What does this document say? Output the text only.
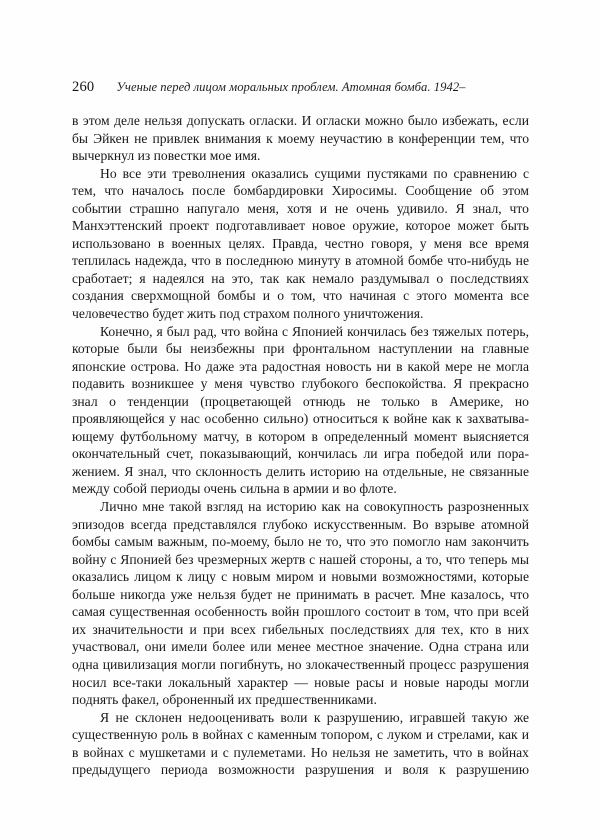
260 Ученые перед лицом моральных проблем. Атомная бомба. 1942–

в этом деле нельзя допускать огласки. И огласки можно было избежать, если бы Эйкен не привлек внимания к моему неучастию в конференции тем, что вычеркнул из повестки мое имя.

Но все эти треволнения оказались сущими пустяками по сравнению с тем, что началось после бомбардировки Хиросимы. Сообщение об этом событии страшно напугало меня, хотя и не очень удивило. Я знал, что Манхэттенский проект подготавливает новое оружие, которое может быть использовано в военных целях. Правда, честно говоря, у меня все время теплилась надежда, что в последнюю минуту в атомной бомбе что-нибудь не сработает; я надеялся на это, так как немало раздумывал о последствиях создания сверхмощной бомбы и о том, что начиная с этого момента все человечество будет жить под страхом полного уничтожения.

Конечно, я был рад, что война с Японией кончилась без тяжелых потерь, которые были бы неизбежны при фронтальном наступлении на главные японские острова. Но даже эта радостная новость ни в какой мере не могла подавить возникшее у меня чувство глубокого беспокойства. Я прекрасно знал о тенденции (процветающей отнюдь не только в Америке, но проявляющейся у нас особенно сильно) относиться к войне как к захватывающему футбольному матчу, в котором в определенный момент выясняется окончательный счет, показывающий, кончилась ли игра победой или поражением. Я знал, что склонность делить историю на отдельные, не связанные между собой периоды очень сильна в армии и во флоте.

Лично мне такой взгляд на историю как на совокупность разрозненных эпизодов всегда представлялся глубоко искусственным. Во взрыве атомной бомбы самым важным, по-моему, было не то, что это помогло нам закончить войну с Японией без чрезмерных жертв с нашей стороны, а то, что теперь мы оказались лицом к лицу с новым миром и новыми возможностями, которые больше никогда уже нельзя будет не принимать в расчет. Мне казалось, что самая существенная особенность войн прошлого состоит в том, что при всей их значительности и при всех гибельных последствиях для тех, кто в них участвовал, они имели более или менее местное значение. Одна страна или одна цивилизация могли погибнуть, но злокачественный процесс разрушения носил все-таки локальный характер — новые расы и новые народы могли поднять факел, оброненный их предшественниками.

Я не склонен недооценивать воли к разрушению, игравшей такую же существенную роль в войнах с каменным топором, с луком и стрелами, как и в войнах с мушкетами и с пулеметами. Но нельзя не заметить, что в войнах предыдущего периода возможности разрушения и воля к разрушению
